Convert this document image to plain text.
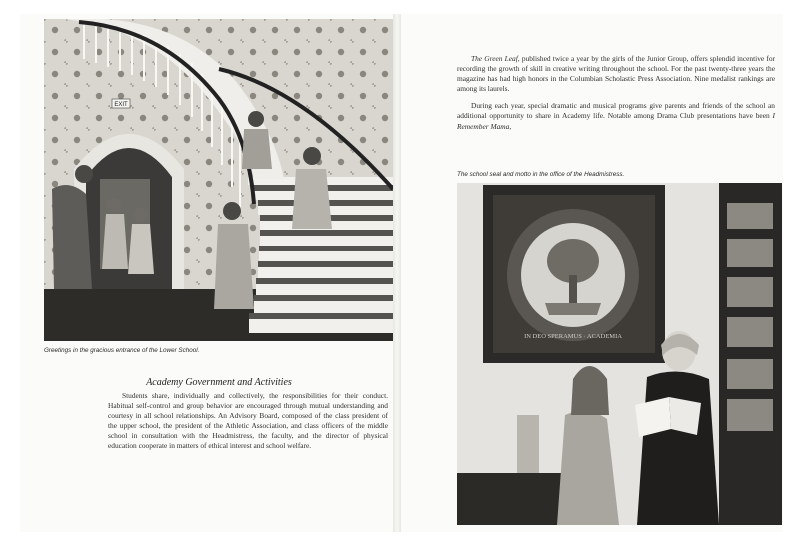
EXIT
Greetings in the gracious entrance of the Lower School.
Academy Government and Activities

Students share, individually and collectively, the responsibilities for their conduct. Habitual self-control and group behavior are encouraged through mutual understanding and courtesy in all school relationships. An Advisory Board, composed of the class president of the upper school, the president of the Athletic Association, and class officers of the middle school in consultation with the Headmistress, the faculty, and the director of physical education cooperate in matters of ethical interest and school welfare.

The Green Leaf, published twice a year by the girls of the Junior Group, offers splendid incentive for recording the growth of skill in creative writing throughout the school. For the past twenty-three years the magazine has had high honors in the Columbian Scholastic Press Association. Nine medalist rankings are among its laurels.

During each year, special dramatic and musical programs give parents and friends of the school an additional opportunity to share in Academy life. Notable among Drama Club presentations have been I Remember Mama,

The school seal and motto in the office of the Headmistress.
IN DEO SPERAMUS · ACADEMIA
